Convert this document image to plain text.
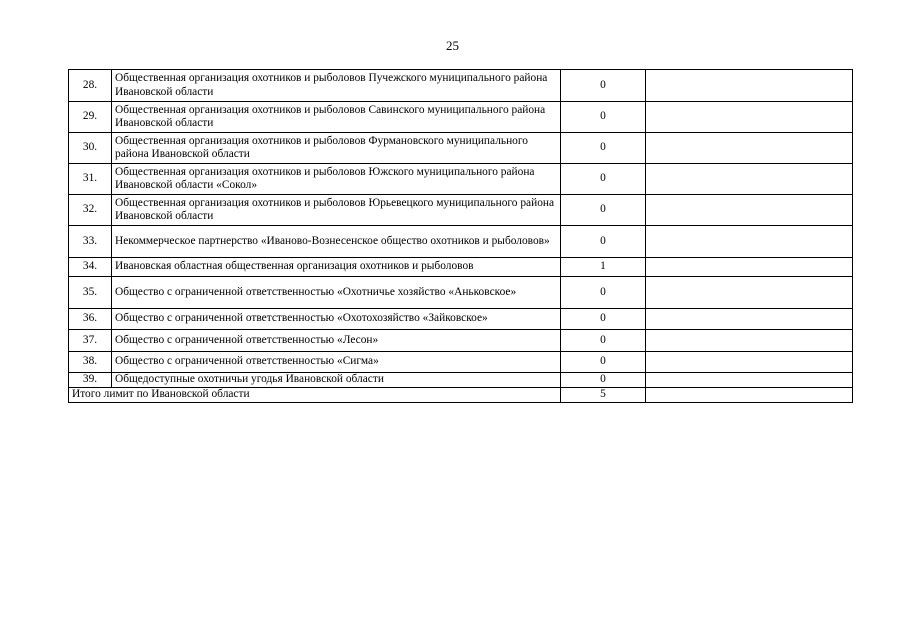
25
28.	Общественная организация охотников и рыболовов Пучежского муниципального района Ивановской области	0	
29.	Общественная организация охотников и рыболовов Савинского муниципального района Ивановской области	0	
30.	Общественная организация охотников и рыболовов Фурмановского муниципального района Ивановской области	0	
31.	Общественная организация охотников и рыболовов Южского муниципального района Ивановской области «Сокол»	0	
32.	Общественная организация охотников и рыболовов Юрьевецкого муниципального района Ивановской области	0	
33.	Некоммерческое партнерство «Иваново-Вознесенское общество охотников и рыболовов»	0	
34.	Ивановская областная общественная организация охотников и рыболовов	1	
35.	Общество с ограниченной ответственностью «Охотничье хозяйство «Аньковское»	0	
36.	Общество с ограниченной ответственностью «Охотохозяйство «Зайковское»	0	
37.	Общество с ограниченной ответственностью «Лесон»	0	
38.	Общество с ограниченной ответственностью «Сигма»	0	
39.	Общедоступные охотничьи угодья Ивановской области	0	
Итого лимит по Ивановской области		5	
